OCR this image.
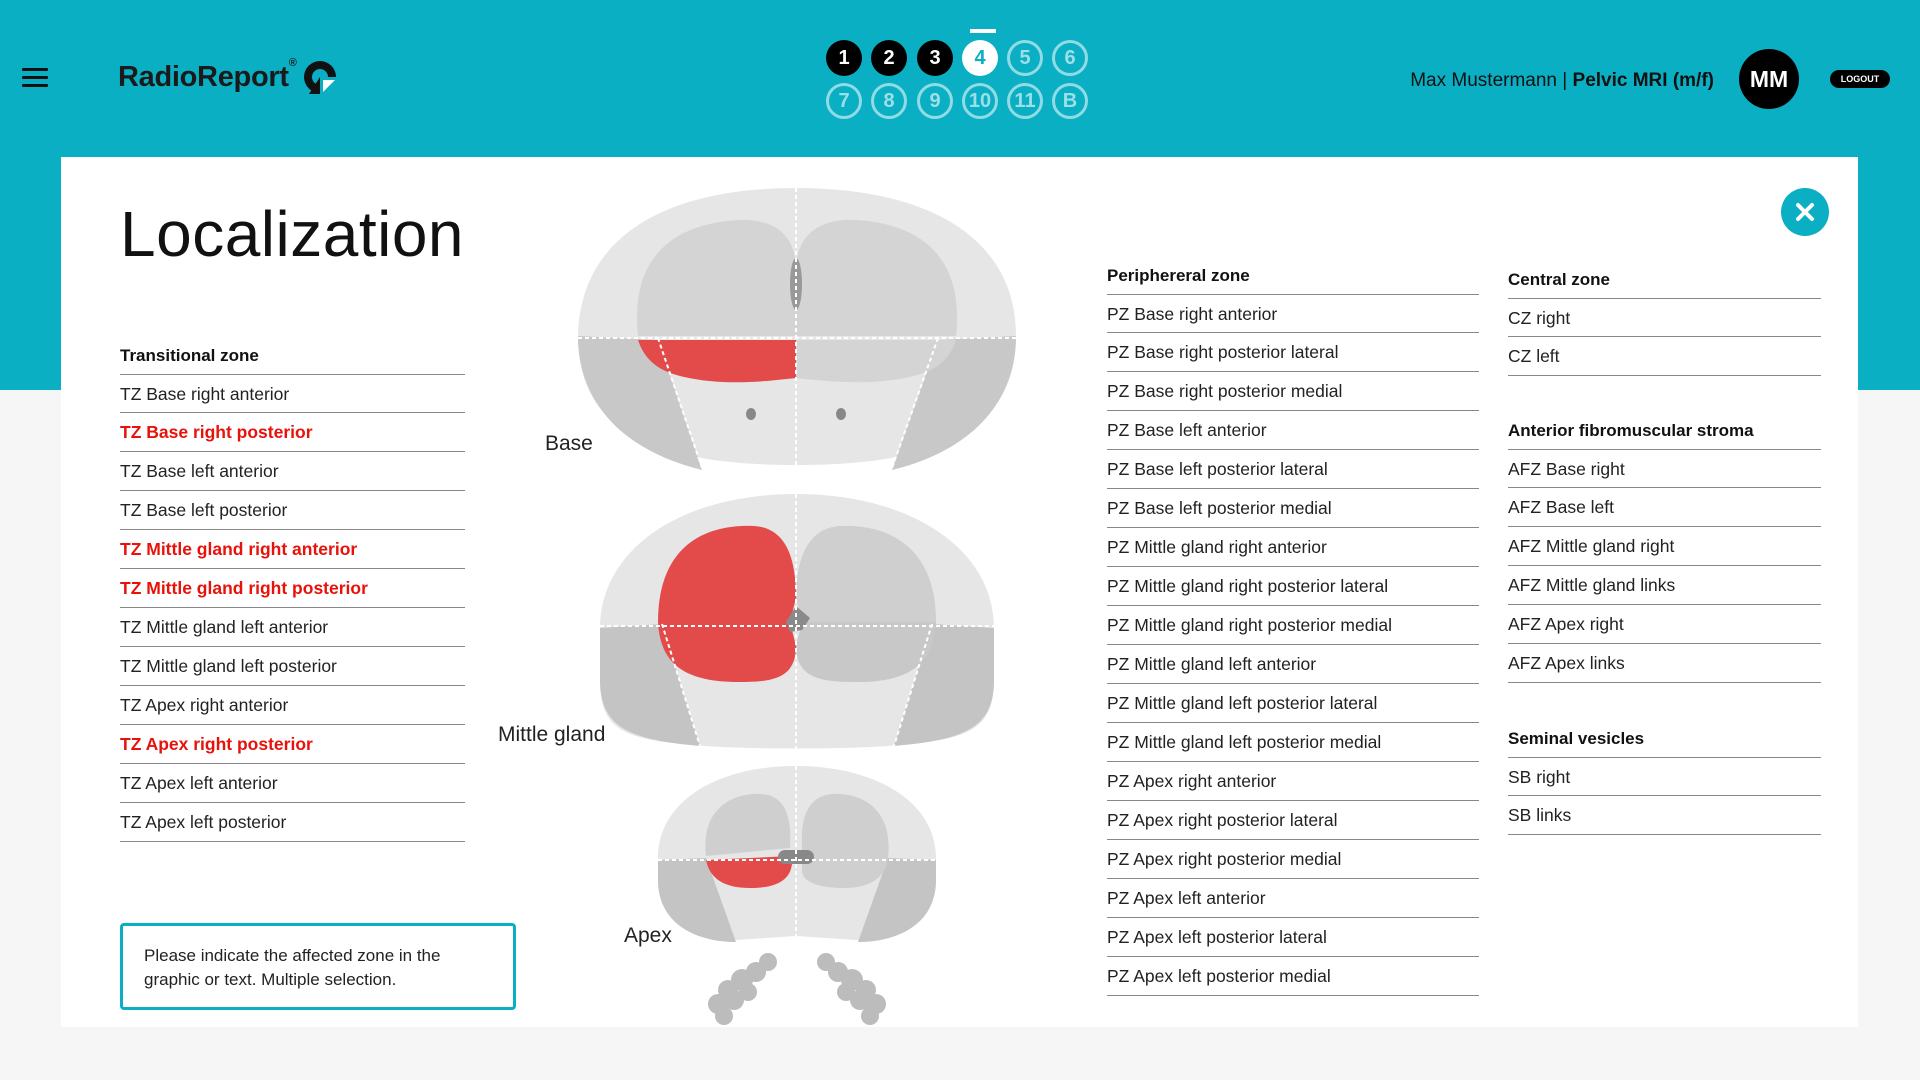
RadioReport®	1	2	3	4	5	6
7	8	9	10	11	B
Max Mustermann | Pelvic MRI (m/f)	MM	LOGOUT
Localization
Transitional zone
TZ Base right anterior
TZ Base right posterior
TZ Base left anterior
TZ Base left posterior
TZ Mittle gland right anterior
TZ Mittle gland right posterior
TZ Mittle gland left anterior
TZ Mittle gland left posterior
TZ Apex right anterior
TZ Apex right posterior
TZ Apex left anterior
TZ Apex left posterior
Periphereral zone
PZ Base right anterior
PZ Base right posterior lateral
PZ Base right posterior medial
PZ Base left anterior
PZ Base left posterior lateral
PZ Base left posterior medial
PZ Mittle gland right anterior
PZ Mittle gland right posterior lateral
PZ Mittle gland right posterior medial
PZ Mittle gland left anterior
PZ Mittle gland left posterior lateral
PZ Mittle gland left posterior medial
PZ Apex right anterior
PZ Apex right posterior lateral
PZ Apex right posterior medial
PZ Apex left anterior
PZ Apex left posterior lateral
PZ Apex left posterior medial
Central zone
CZ right
CZ left
Anterior fibromuscular stroma
AFZ Base right
AFZ Base left
AFZ Mittle gland right
AFZ Mittle gland links
AFZ Apex right
AFZ Apex links
Seminal vesicles
SB right
SB links
Please indicate the affected zone in the graphic or text. Multiple selection.
Base
Mittle gland
Apex
